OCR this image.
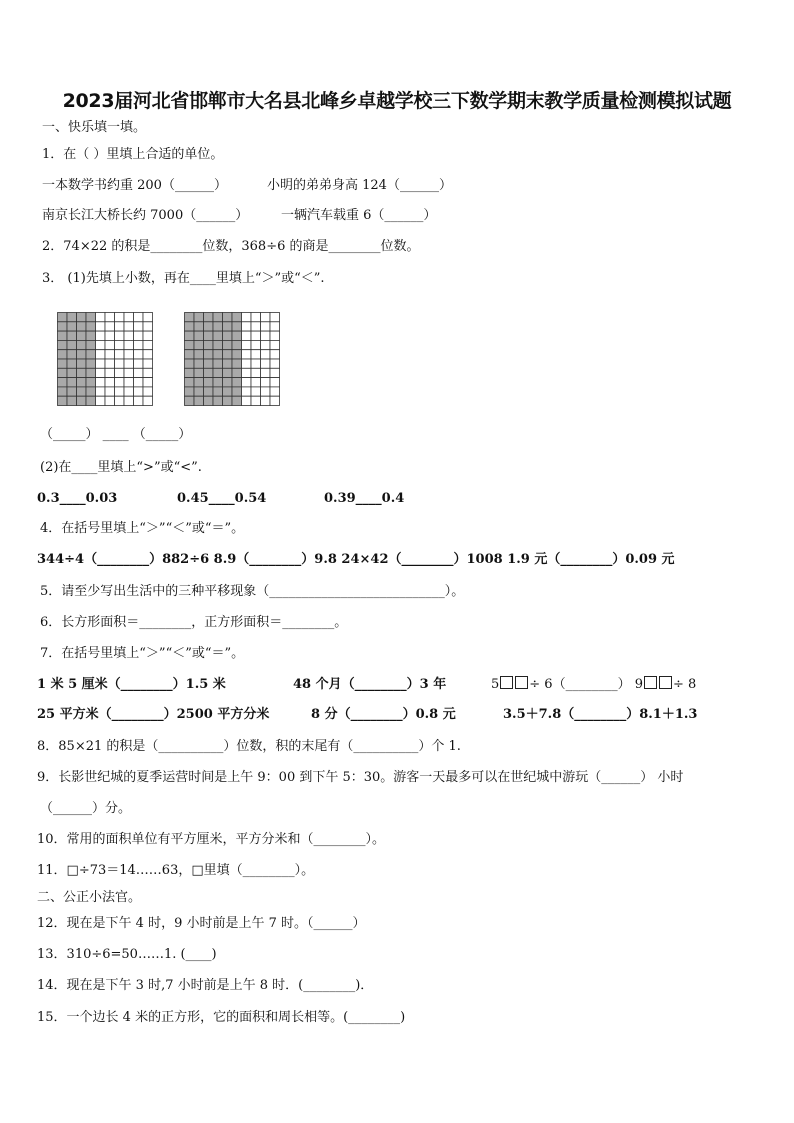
2023届河北省邯郸市大名县北峰乡卓越学校三下数学期末教学质量检测模拟试题
一、快乐填一填。
1．在（ ）里填上合适的单位。
一本数学书约重 200（______）	小明的弟弟身高 124（______）
南京长江大桥长约 7000（______）	一辆汽车载重 6（______）
2．74×22 的积是________位数，368÷6 的商是________位数。
3． (1)先填上小数，再在____里填上“＞”或“＜”.
（_____） ____ （_____）
(2)在____里填上“>”或“<”.
0.3____0.03	0.45____0.54	0.39____0.4
4．在括号里填上“＞”“＜”或“＝”。
344÷4（________）882÷6 8.9（________）9.8 24×42（________）1008 1.9 元（________）0.09 元
5．请至少写出生活中的三种平移现象（___________________________）。
6．长方形面积＝________，正方形面积＝________。
7．在括号里填上“＞”“＜”或“＝”。
1 米 5 厘米（________）1.5 米	48 个月（________）3 年	5 ÷ 6（________） 9 ÷ 8
25 平方米（________）2500 平方分米	8 分（________）0.8 元	3.5＋7.8（________）8.1＋1.3
8．85×21 的积是（__________）位数，积的末尾有（__________）个 1.
9．长影世纪城的夏季运营时间是上午 9：00 到下午 5：30。游客一天最多可以在世纪城中游玩（______） 小时
（______）分。
10．常用的面积单位有平方厘米，平方分米和（________）。
11．□÷73＝14……63，□里填（________）。
二、公正小法官。
12．现在是下午 4 时，9 小时前是上午 7 时。（______）
13．310÷6=50……1. (____)
14．现在是下午 3 时,7 小时前是上午 8 时．(________)．
15．一个边长 4 米的正方形，它的面积和周长相等。(________)
